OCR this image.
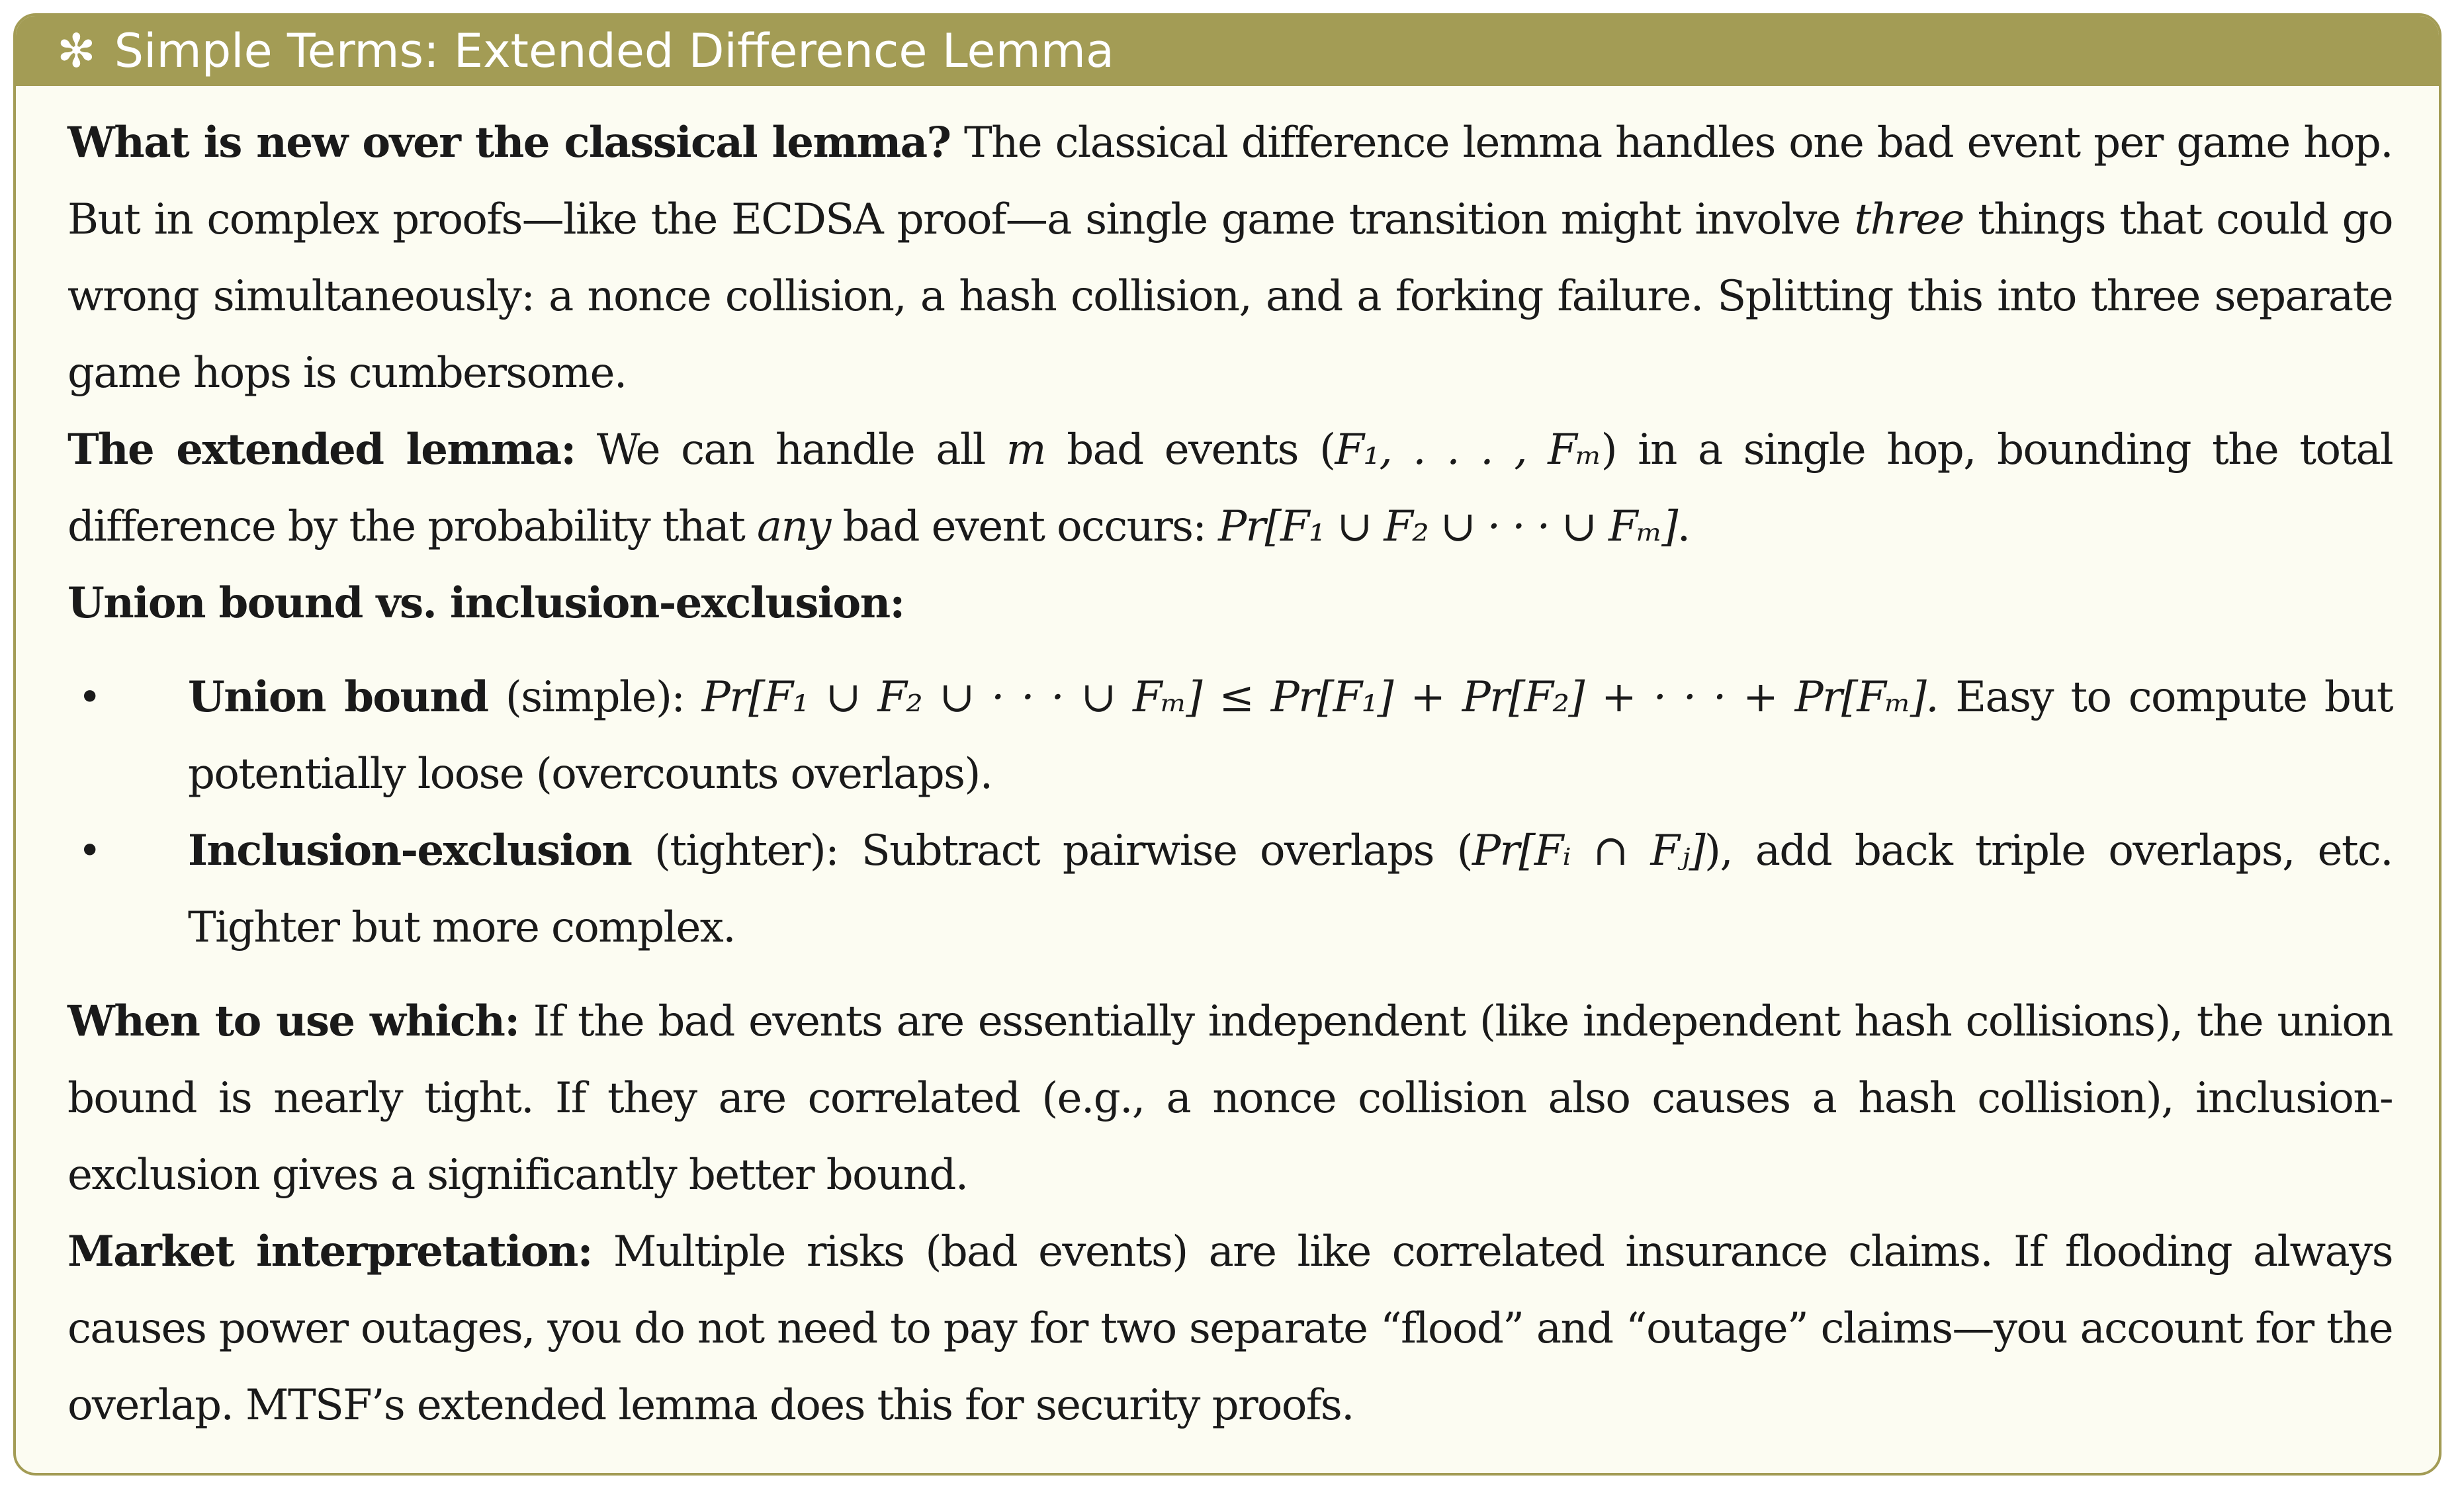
✻ Simple Terms: Extended Difference Lemma

What is new over the classical lemma? The classical difference lemma handles one bad event per game hop. But in complex proofs—like the ECDSA proof—a single game transition might involve three things that could go wrong simultaneously: a nonce collision, a hash collision, and a forking failure. Splitting this into three separate game hops is cumbersome.

The extended lemma: We can handle all m bad events (F₁, . . . , Fₘ) in a single hop, bounding the total difference by the probability that any bad event occurs: Pr[F₁ ∪ F₂ ∪ · · · ∪ Fₘ].

Union bound vs. inclusion-exclusion:

• Union bound (simple): Pr[F₁ ∪ F₂ ∪ · · · ∪ Fₘ] ≤ Pr[F₁] + Pr[F₂] + · · · + Pr[Fₘ]. Easy to compute but potentially loose (overcounts overlaps).
• Inclusion-exclusion (tighter): Subtract pairwise overlaps (Pr[Fᵢ ∩ Fⱼ]), add back triple overlaps, etc. Tighter but more complex.

When to use which: If the bad events are essentially independent (like independent hash collisions), the union bound is nearly tight. If they are correlated (e.g., a nonce collision also causes a hash collision), inclusion-exclusion gives a significantly better bound.

Market interpretation: Multiple risks (bad events) are like correlated insurance claims. If flooding always causes power outages, you do not need to pay for two separate “flood” and “outage” claims—you account for the overlap. MTSF’s extended lemma does this for security proofs.
